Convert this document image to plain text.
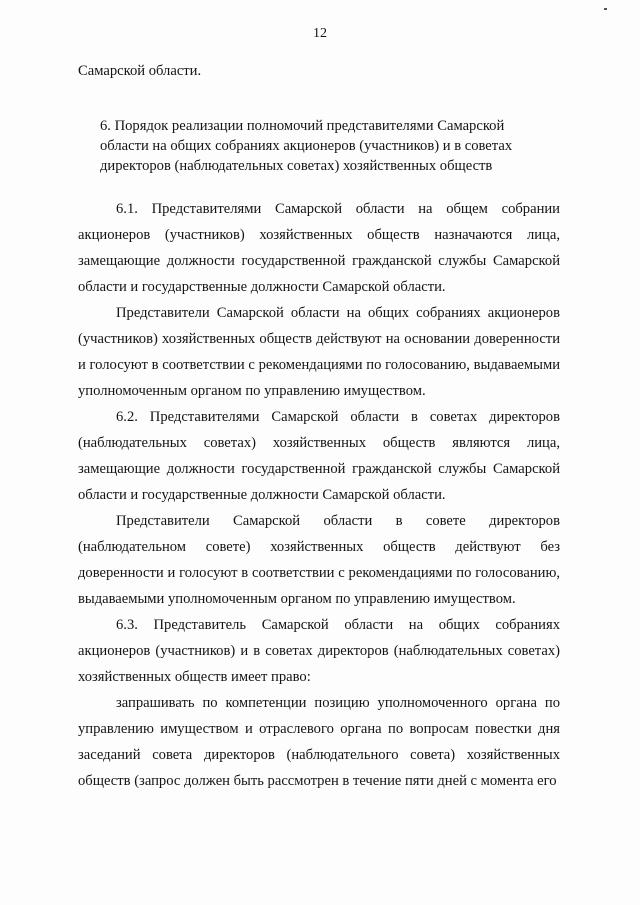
12

Самарской области.

6. Порядок реализации полномочий представителями Самарской
области на общих собраниях акционеров (участников) и в советах
директоров (наблюдательных советах) хозяйственных обществ

6.1. Представителями Самарской области на общем собрании акционеров (участников) хозяйственных обществ назначаются лица, замещающие должности государственной гражданской службы Самарской области и государственные должности Самарской области.

Представители Самарской области на общих собраниях акционеров (участников) хозяйственных обществ действуют на основании доверенности и голосуют в соответствии с рекомендациями по голосованию, выдаваемыми уполномоченным органом по управлению имуществом.

6.2. Представителями Самарской области в советах директоров (наблюдательных советах) хозяйственных обществ являются лица, замещающие должности государственной гражданской службы Самарской области и государственные должности Самарской области.

Представители Самарской области в совете директоров (наблюдательном совете) хозяйственных обществ действуют без доверенности и голосуют в соответствии с рекомендациями по голосованию, выдаваемыми уполномоченным органом по управлению имуществом.

6.3. Представитель Самарской области на общих собраниях акционеров (участников) и в советах директоров (наблюдательных советах) хозяйственных обществ имеет право:

запрашивать по компетенции позицию уполномоченного органа по управлению имуществом и отраслевого органа по вопросам повестки дня заседаний совета директоров (наблюдательного совета) хозяйственных обществ (запрос должен быть рассмотрен в течение пяти дней с момента его
